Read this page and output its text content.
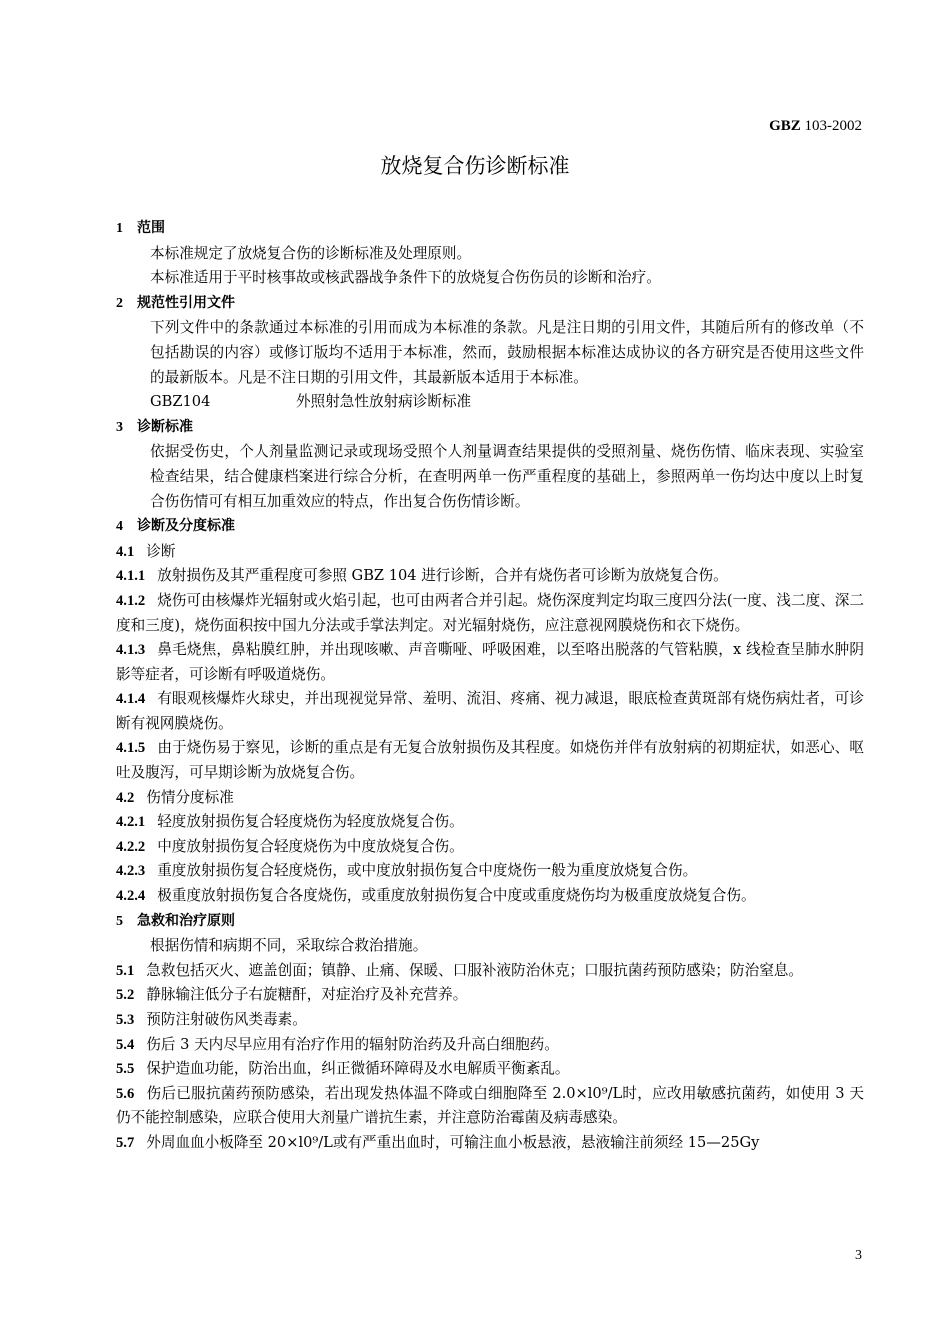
GBZ 103-2002
放烧复合伤诊断标准

1 范围

本标准规定了放烧复合伤的诊断标准及处理原则。

本标准适用于平时核事故或核武器战争条件下的放烧复合伤伤员的诊断和治疗。

2 规范性引用文件

下列文件中的条款通过本标准的引用而成为本标准的条款。凡是注日期的引用文件，其随后所有的修改单（不包括勘误的内容）或修订版均不适用于本标准，然而，鼓励根据本标准达成协议的各方研究是否使用这些文件的最新版本。凡是不注日期的引用文件，其最新版本适用于本标准。

GBZ104	外照射急性放射病诊断标准

3 诊断标准

依据受伤史，个人剂量监测记录或现场受照个人剂量调查结果提供的受照剂量、烧伤伤情、临床表现、实验室检查结果，结合健康档案进行综合分析，在查明两单一伤严重程度的基础上，参照两单一伤均达中度以上时复合伤伤情可有相互加重效应的特点，作出复合伤伤情诊断。

4 诊断及分度标准

4.1 诊断

4.1.1 放射损伤及其严重程度可参照 GBZ 104 进行诊断，合并有烧伤者可诊断为放烧复合伤。

4.1.2 烧伤可由核爆炸光辐射或火焰引起，也可由两者合并引起。烧伤深度判定均取三度四分法(一度、浅二度、深二度和三度)，烧伤面积按中国九分法或手掌法判定。对光辐射烧伤，应注意视网膜烧伤和衣下烧伤。

4.1.3 鼻毛烧焦，鼻粘膜红肿，并出现咳嗽、声音嘶哑、呼吸困难，以至咯出脱落的气管粘膜，x 线检查呈肺水肿阴影等症者，可诊断有呼吸道烧伤。

4.1.4 有眼观核爆炸火球史，并出现视觉异常、羞明、流泪、疼痛、视力减退，眼底检查黄斑部有烧伤病灶者，可诊断有视网膜烧伤。

4.1.5 由于烧伤易于察见，诊断的重点是有无复合放射损伤及其程度。如烧伤并伴有放射病的初期症状，如恶心、呕吐及腹泻，可早期诊断为放烧复合伤。

4.2 伤情分度标准

4.2.1 轻度放射损伤复合轻度烧伤为轻度放烧复合伤。

4.2.2 中度放射损伤复合轻度烧伤为中度放烧复合伤。

4.2.3 重度放射损伤复合轻度烧伤，或中度放射损伤复合中度烧伤一般为重度放烧复合伤。

4.2.4 极重度放射损伤复合各度烧伤，或重度放射损伤复合中度或重度烧伤均为极重度放烧复合伤。

5 急救和治疗原则

根据伤情和病期不同，采取综合救治措施。

5.1 急救包括灭火、遮盖创面；镇静、止痛、保暖、口服补液防治休克；口服抗菌药预防感染；防治窒息。

5.2 静脉输注低分子右旋糖酐，对症治疗及补充营养。

5.3 预防注射破伤风类毒素。

5.4 伤后 3 天内尽早应用有治疗作用的辐射防治药及升高白细胞药。

5.5 保护造血功能，防治出血，纠正微循环障碍及水电解质平衡紊乱。

5.6 伤后已服抗菌药预防感染，若出现发热体温不降或白细胞降至 2.0×l0⁹/L时，应改用敏感抗菌药，如使用 3 天仍不能控制感染，应联合使用大剂量广谱抗生素，并注意防治霉菌及病毒感染。

5.7 外周血血小板降至 20×l0⁹/L或有严重出血时，可输注血小板悬液，悬液输注前须经 15—25Gy

3
